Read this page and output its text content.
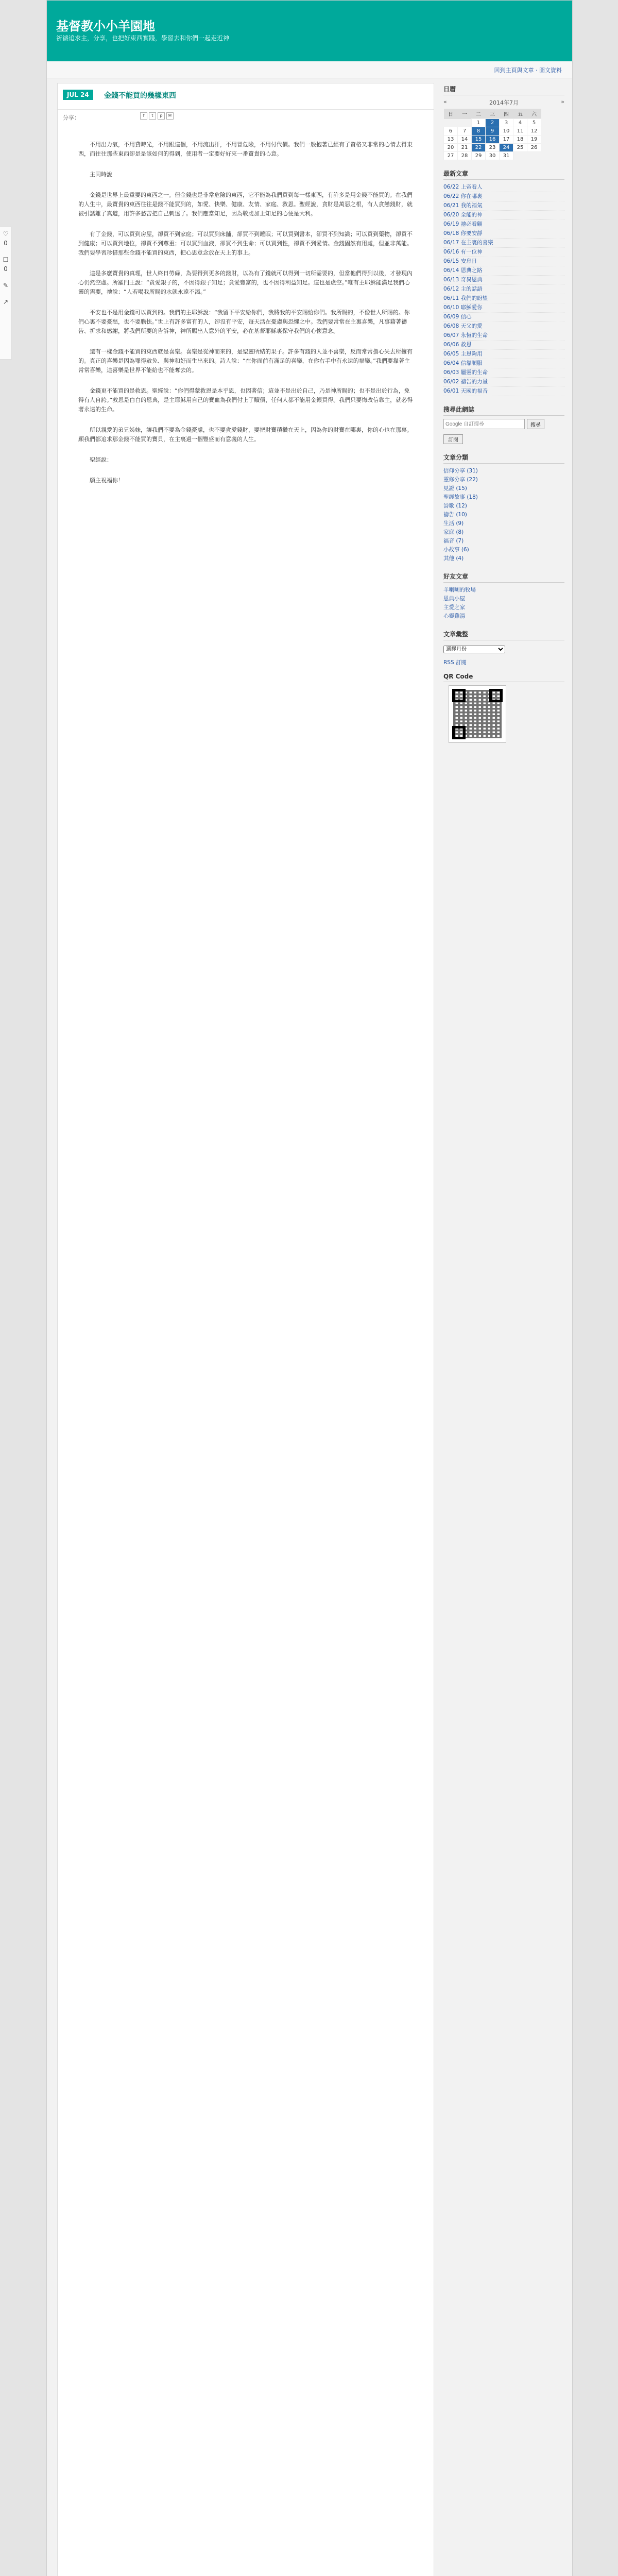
♡
0
☐
0
✎
↗
基督教小小羊園地
祈禱追求主，分享，也把好東西實踐，學習去和你們一起走近神
回到主頁與文章 ‧ 圖文資料
JUL 24	金錢不能買的幾樣東西
分享：	f	t	p	✉

不用出力氣，不用費時光，不用跟這個，不用流出汗，不用冒危險，不用付代價。我們一般抱著已經有了資格又非常的心情去得東西，而往往那些東西卻是是該如何的得到，使用者一定要好好來一番寶貴的心意。

主同時說

金錢是世界上最重要的東西之一。但金錢也是非常危險的東西，它不能為我們買到每一樣東西，有許多是用金錢不能買的。在我們的人生中，最寶貴的東西往往是錢不能買到的，如愛、快樂、健康、友情、家庭、救恩。聖經說，貪財是萬惡之根，有人貪戀錢財，就被引誘離了真道，用許多愁苦把自己刺透了。我們應當知足，因為敬虔加上知足的心便是大利。

有了金錢，可以買到房屋，卻買不到家庭；可以買到床舖，卻買不到睡眠；可以買到書本，卻買不到知識；可以買到藥物，卻買不到健康；可以買到地位，卻買不到尊重；可以買到血液，卻買不到生命；可以買到性，卻買不到愛情。金錢固然有用處，但並非萬能。我們要學習珍惜那些金錢不能買的東西，把心思意念放在天上的事上。

這是多麼寶貴的真理，世人終日勞碌，為要得到更多的錢財，以為有了錢就可以得到一切所需要的，但當他們得到以後，才發現內心仍然空虛。所羅門王說：“貪愛銀子的，不因得銀子知足；貪愛豐富的，也不因得利益知足。這也是虛空。”唯有主耶穌能滿足我們心靈的需要，祂說：“人若喝我所賜的水就永遠不渴。”

平安也不是用金錢可以買到的。我們的主耶穌說：“我留下平安給你們，我將我的平安賜給你們。我所賜的，不像世人所賜的。你們心裏不要憂愁，也不要膽怯。”世上有許多富有的人，卻沒有平安，每天活在憂慮與恐懼之中。我們要常常在主裏喜樂，凡事藉著禱告、祈求和感謝，將我們所要的告訴神，神所賜出人意外的平安，必在基督耶穌裏保守我們的心懷意念。

還有一樣金錢不能買的東西就是喜樂。喜樂是從神而來的，是聖靈所結的果子。許多有錢的人並不喜樂，反而常常擔心失去所擁有的。真正的喜樂是因為罪得赦免、與神和好而生出來的。詩人說：“在你面前有滿足的喜樂，在你右手中有永遠的福樂。”我們要靠著主常常喜樂，這喜樂是世界不能給也不能奪去的。

金錢更不能買的是救恩。聖經說：“你們得蒙救恩是本乎恩，也因著信；這並不是出於自己，乃是神所賜的；也不是出於行為，免得有人自誇。”救恩是白白的恩典，是主耶穌用自己的寶血為我們付上了贖價，任何人都不能用金銀買得。我們只要悔改信靠主，就必得著永遠的生命。

所以親愛的弟兄姊妹，讓我們不要為金錢憂慮，也不要貪愛錢財，要把財寶積攢在天上，因為你的財寶在哪裏，你的心也在那裏。願我們都追求那金錢不能買的寶貝，在主裏過一個豐盛而有意義的人生。

聖經說：

願主祝福你！

日曆
«	2014年7月	»
日	一	二	三	四	五	六
		1	2	3	4	5
6	7	8	9	10	11	12
13	14	15	16	17	18	19
20	21	22	23	24	25	26
27	28	29	30	31		
最新文章
06/22 上帝看人
06/22 你在哪裏
06/21 我的福氣
06/20 全能的神
06/19 祂必看顧
06/18 你要安靜
06/17 在主裏的喜樂
06/16 有一位神
06/15 安息日
06/14 恩典之路
06/13 奇異恩典
06/12 主的話語
06/11 我們的盼望
06/10 耶穌愛你
06/09 信心
06/08 天父的愛
06/07 永恆的生命
06/06 救恩
06/05 主恩夠用
06/04 信靠順服
06/03 屬靈的生命
06/02 禱告的力量
06/01 天國的福音
搜尋此網誌
Google 自訂搜尋
搜尋
訂閱
文章分類
信仰分享 (31)
靈修分享 (22)
見證 (15)
聖經故事 (18)
詩歌 (12)
禱告 (10)
生活 (9)
家庭 (8)
福音 (7)
小故事 (6)
其他 (4)
好友文章
羊喇喇的牧場
恩典小屋
主愛之家
心靈雞湯
文章彙整
選擇月份
RSS 訂閱
QR Code
